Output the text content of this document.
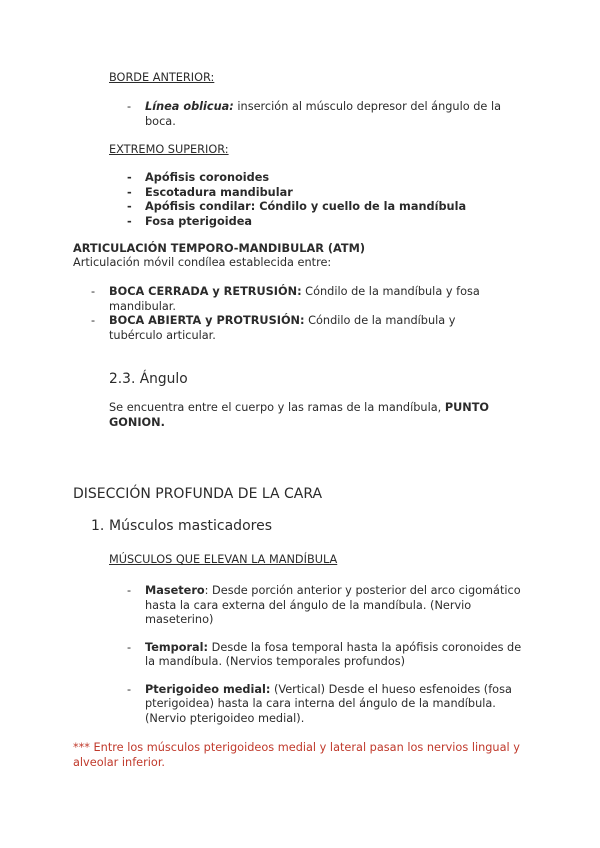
BORDE ANTERIOR:
- Línea oblicua: inserción al músculo depresor del ángulo de la boca.
EXTREMO SUPERIOR:
- Apófisis coronoides
- Escotadura mandibular
- Apófisis condilar: Cóndilo y cuello de la mandíbula
- Fosa pterigoidea
ARTICULACIÓN TEMPORO-MANDIBULAR (ATM)
Articulación móvil condílea establecida entre:
- BOCA CERRADA y RETRUSIÓN: Cóndilo de la mandíbula y fosa mandibular.
- BOCA ABIERTA y PROTRUSIÓN: Cóndilo de la mandíbula y tubérculo articular.
2.3. Ángulo
Se encuentra entre el cuerpo y las ramas de la mandíbula, PUNTO GONION.
DISECCIÓN PROFUNDA DE LA CARA
1. Músculos masticadores
MÚSCULOS QUE ELEVAN LA MANDÍBULA
- Masetero: Desde porción anterior y posterior del arco cigomático hasta la cara externa del ángulo de la mandíbula. (Nervio maseterino)
- Temporal: Desde la fosa temporal hasta la apófisis coronoides de la mandíbula. (Nervios temporales profundos)
- Pterigoideo medial: (Vertical) Desde el hueso esfenoides (fosa pterigoidea) hasta la cara interna del ángulo de la mandíbula. (Nervio pterigoideo medial).
*** Entre los músculos pterigoideos medial y lateral pasan los nervios lingual y alveolar inferior.
